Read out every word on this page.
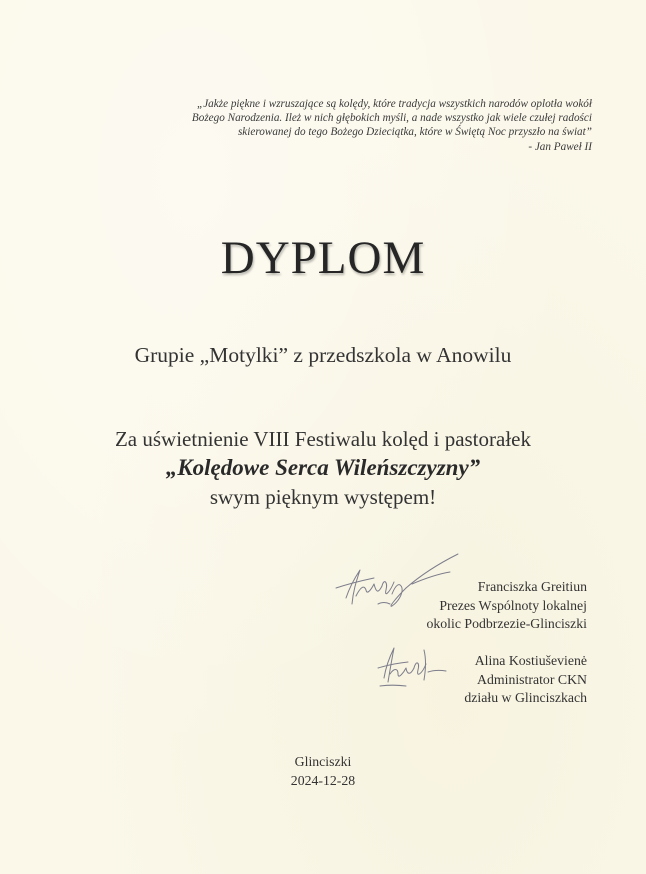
„Jakże piękne i wzruszające są kolędy, które tradycja wszystkich narodów oplotła wokół
Bożego Narodzenia. Ileż w nich głębokich myśli, a nade wszystko jak wiele czułej radości
skierowanej do tego Bożego Dzieciątka, które w Świętą Noc przyszło na świat”
- Jan Paweł II
DYPLOM
Grupie „Motylki” z przedszkola w Anowilu
Za uświetnienie VIII Festiwalu kolęd i pastorałek
„Kolędowe Serca Wileńszczyzny”
swym pięknym występem!
Franciszka Greitiun
Prezes Wspólnoty lokalnej
okolic Podbrzezie-Glinciszki
Alina Kostiuševienė
Administrator CKN
działu w Glinciszkach
Glinciszki
2024-12-28
